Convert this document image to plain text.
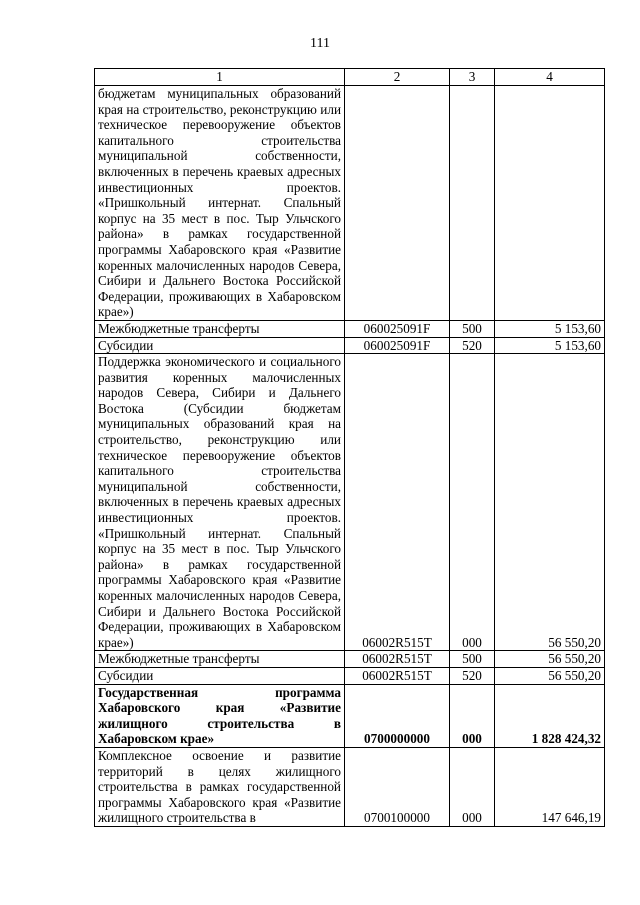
111
1	2	3	4
бюджетам муниципальных образований края на строительство, реконструкцию или техническое перевооружение объектов капитального строительства муниципальной собственности, включенных в перечень краевых адресных инвестиционных проектов. «Пришкольный интернат. Спальный корпус на 35 мест в пос. Тыр Ульчского района» в рамках государственной программы Хабаровского края «Развитие коренных малочисленных народов Севера, Сибири и Дальнего Востока Российской Федерации, проживающих в Хабаровском крае»)			
Межбюджетные трансферты	060025091F	500	5 153,60
Субсидии	060025091F	520	5 153,60
Поддержка экономического и социального развития коренных малочисленных народов Севера, Сибири и Дальнего Востока (Субсидии бюджетам муниципальных образований края на строительство, реконструкцию или техническое перевооружение объектов капитального строительства муниципальной собственности, включенных в перечень краевых адресных инвестиционных проектов. «Пришкольный интернат. Спальный корпус на 35 мест в пос. Тыр Ульчского района» в рамках государственной программы Хабаровского края «Развитие коренных малочисленных народов Севера, Сибири и Дальнего Востока Российской Федерации, проживающих в Хабаровском крае»)	06002R515T	000	56 550,20
Межбюджетные трансферты	06002R515T	500	56 550,20
Субсидии	06002R515T	520	56 550,20
Государственная программа Хабаровского края «Развитие жилищного строительства в Хабаровском крае»	0700000000	000	1 828 424,32
Комплексное освоение и развитие территорий в целях жилищного строительства в рамках государственной программы Хабаровского края «Развитие жилищного строительства в	0700100000	000	147 646,19
